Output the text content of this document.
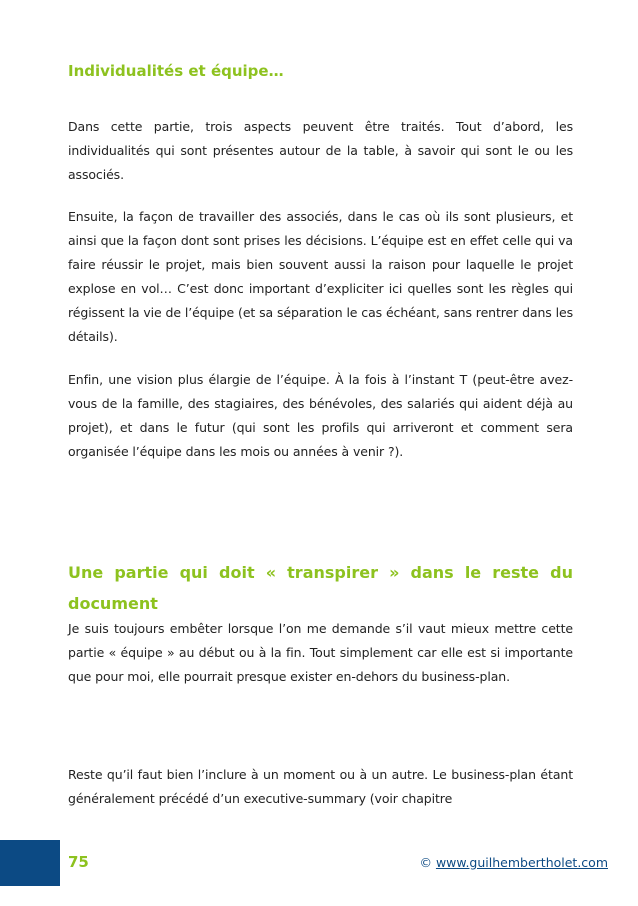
Individualités et équipe…

Dans cette partie, trois aspects peuvent être traités. Tout d’abord, les individualités qui sont présentes autour de la table, à savoir qui sont le ou les associés.

Ensuite, la façon de travailler des associés, dans le cas où ils sont plusieurs, et ainsi que la façon dont sont prises les décisions. L’équipe est en effet celle qui va faire réussir le projet, mais bien souvent aussi la raison pour laquelle le projet explose en vol… C’est donc important d’expliciter ici quelles sont les règles qui régissent la vie de l’équipe (et sa séparation le cas échéant, sans rentrer dans les détails).

Enfin, une vision plus élargie de l’équipe. À la fois à l’instant T (peut-être avez-vous de la famille, des stagiaires, des bénévoles, des salariés qui aident déjà au projet), et dans le futur (qui sont les profils qui arriveront et comment sera organisée l’équipe dans les mois ou années à venir ?).

Une partie qui doit « transpirer » dans le reste du document

Je suis toujours embêter lorsque l’on me demande s’il vaut mieux mettre cette partie « équipe » au début ou à la fin. Tout simplement car elle est si importante que pour moi, elle pourrait presque exister en-dehors du business-plan.

Reste qu’il faut bien l’inclure à un moment ou à un autre. Le business-plan étant généralement précédé d’un executive-summary (voir chapitre

75	© www.guilhembertholet.com
